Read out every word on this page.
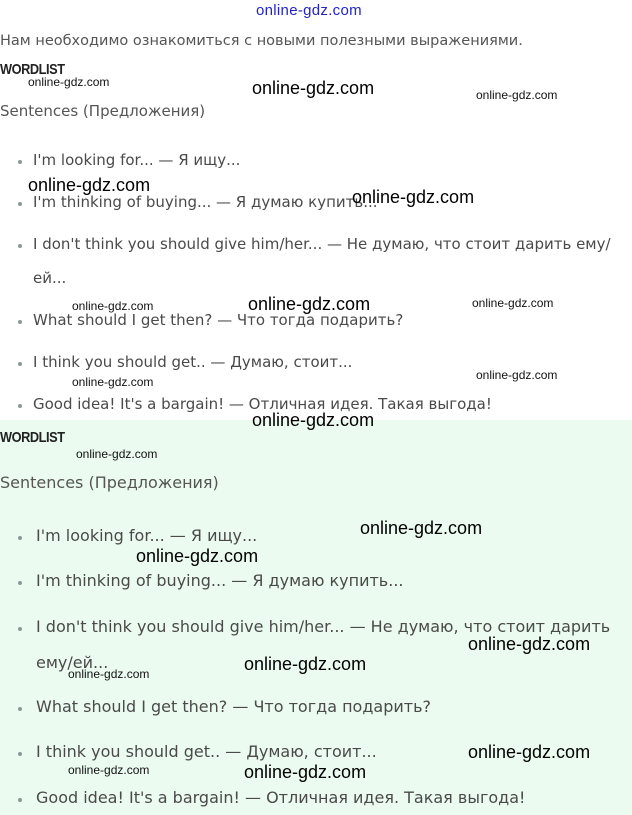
online-gdz.com
Нам необходимо ознакомиться с новыми полезными выражениями.
WORDLIST
Sentences (Предложения)
I'm looking for... — Я ищу...
I'm thinking of buying... — Я думаю купить...
I don't think you should give him/her... — Не думаю, что стоит дарить ему/
ей...
What should I get then? — Что тогда подарить?
I think you should get.. — Думаю, стоит...
Good idea! It's a bargain! — Отличная идея. Такая выгода!
WORDLIST
Sentences (Предложения)
I'm looking for... — Я ищу...
I'm thinking of buying... — Я думаю купить...
I don't think you should give him/her... — Не думаю, что стоит дарить
ему/ей...
What should I get then? — Что тогда подарить?
I think you should get.. — Думаю, стоит...
Good idea! It's a bargain! — Отличная идея. Такая выгода!
online-gdz.com	online-gdz.com	online-gdz.com
online-gdz.com
online-gdz.com
online-gdz.com	online-gdz.com	online-gdz.com
online-gdz.com	online-gdz.com
online-gdz.com
online-gdz.com
online-gdz.com
online-gdz.com
online-gdz.com
online-gdz.com
online-gdz.com
online-gdz.com
online-gdz.com	online-gdz.com
